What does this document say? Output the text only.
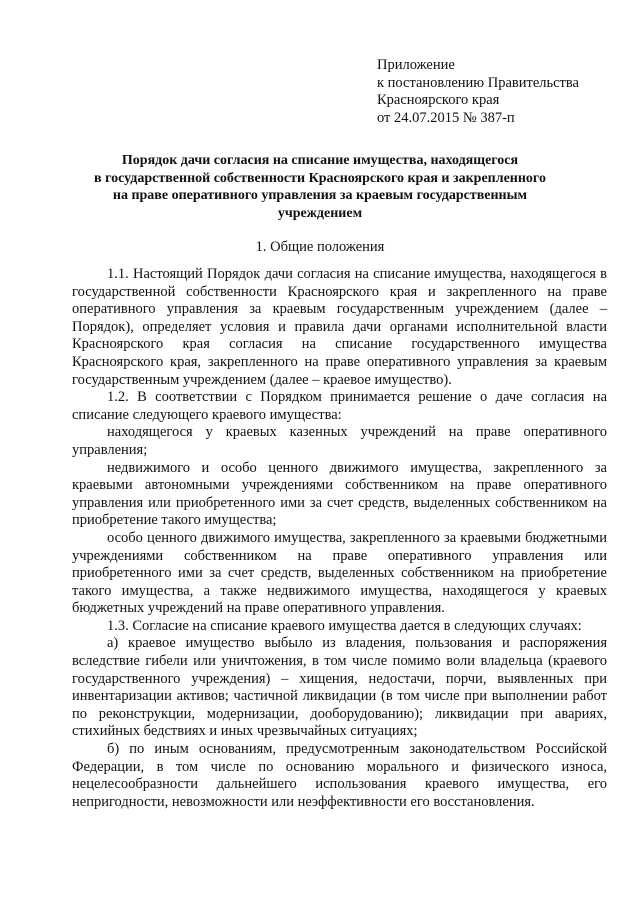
Приложение
к постановлению Правительства
Красноярского края
от 24.07.2015 № 387-п
Порядок дачи согласия на списание имущества, находящегося
в государственной собственности Красноярского края и закрепленного
на праве оперативного управления за краевым государственным
учреждением
1. Общие положения

1.1. Настоящий Порядок дачи согласия на списание имущества, находящегося в государственной собственности Красноярского края и закрепленного на праве оперативного управления за краевым государственным учреждением (далее – Порядок), определяет условия и правила дачи органами исполнительной власти Красноярского края согласия на списание государственного имущества Красноярского края, закрепленного на праве оперативного управления за краевым государственным учреждением (далее – краевое имущество).

1.2. В соответствии с Порядком принимается решение о даче согласия на списание следующего краевого имущества:

находящегося у краевых казенных учреждений на праве оперативного управления;

недвижимого и особо ценного движимого имущества, закрепленного за краевыми автономными учреждениями собственником на праве оперативного управления или приобретенного ими за счет средств, выделенных собственником на приобретение такого имущества;

особо ценного движимого имущества, закрепленного за краевыми бюджетными учреждениями собственником на праве оперативного управления или приобретенного ими за счет средств, выделенных собственником на приобретение такого имущества, а также недвижимого имущества, находящегося у краевых бюджетных учреждений на праве оперативного управления.

1.3. Согласие на списание краевого имущества дается в следующих случаях:

а) краевое имущество выбыло из владения, пользования и распоряжения вследствие гибели или уничтожения, в том числе помимо воли владельца (краевого государственного учреждения) – хищения, недостачи, порчи, выявленных при инвентаризации активов; частичной ликвидации (в том числе при выполнении работ по реконструкции, модернизации, дооборудованию); ликвидации при авариях, стихийных бедствиях и иных чрезвычайных ситуациях;

б) по иным основаниям, предусмотренным законодательством Российской Федерации, в том числе по основанию морального и физического износа, нецелесообразности дальнейшего использования краевого имущества, его непригодности, невозможности или неэффективности его восстановления.
